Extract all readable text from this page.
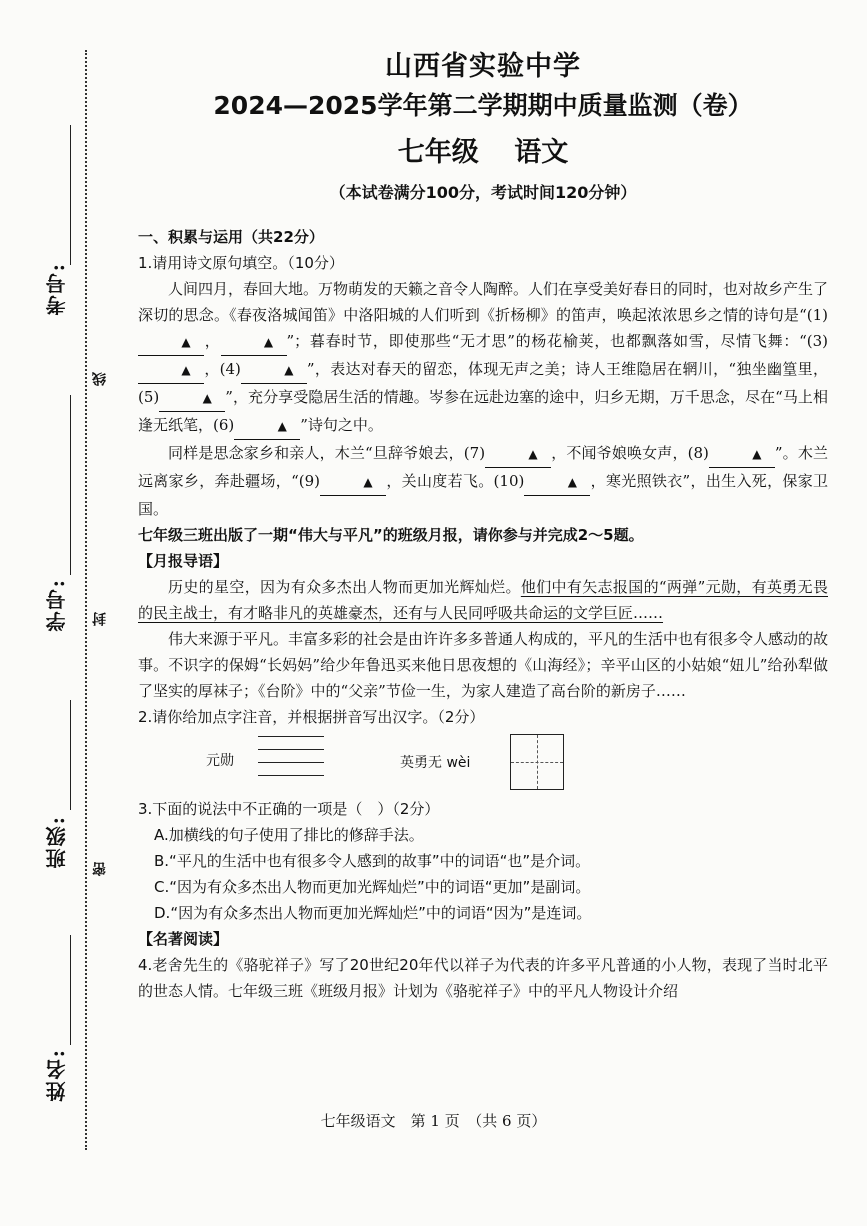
考号:
线
学号: 封
班级:
密
姓名:
山西省实验中学
2024—2025学年第二学期期中质量监测（卷）
七年级 语文
（本试卷满分100分，考试时间120分钟）
一、积累与运用（共22分）
1.请用诗文原句填空。（10分）
人间四月，春回大地。万物萌发的天籁之音令人陶醉。人们在享受美好春日的同时，也对故乡产生了深切的思念。《春夜洛城闻笛》中洛阳城的人们听到《折杨柳》的笛声，唤起浓浓思乡之情的诗句是“(1)▲ ，	▲ ”；暮春时节，即使那些“无才思”的杨花榆荚，也都飘落如雪，尽情飞舞：“(3)▲ ，(4)	▲ ”，表达对春天的留恋，体现无声之美；诗人王维隐居在辋川，“独坐幽篁里，(5)	▲ ”，充分享受隐居生活的情趣。岑参在远赴边塞的途中，归乡无期，万千思念，尽在“马上相逢无纸笔，(6)	▲ ”诗句之中。
同样是思念家乡和亲人，木兰“旦辞爷娘去，(7)	▲ ，不闻爷娘唤女声，(8)	▲ ”。木兰远离家乡，奔赴疆场，“(9)	▲ ，关山度若飞。(10)	▲ ，寒光照铁衣”，出生入死，保家卫国。
七年级三班出版了一期“伟大与平凡”的班级月报，请你参与并完成2～5题。
【月报导语】
历史的星空，因为有众多杰出人物而更加光辉灿烂。他们中有矢志报国的“两弹”元勋，有英勇无畏的民主战士，有才略非凡的英雄豪杰，还有与人民同呼吸共命运的文学巨匠……
伟大来源于平凡。丰富多彩的社会是由许许多多普通人构成的，平凡的生活中也有很多令人感动的故事。不识字的保姆“长妈妈”给少年鲁迅买来他日思夜想的《山海经》；辛平山区的小姑娘“妞儿”给孙犁做了坚实的厚袜子；《台阶》中的“父亲”节俭一生，为家人建造了高台阶的新房子……
2.请你给加点字注音，并根据拼音写出汉字。（2分）
元勋	英勇无 wèi
3.下面的说法中不正确的一项是（　）（2分）
A.加横线的句子使用了排比的修辞手法。
B.“平凡的生活中也有很多令人感到的故事”中的词语“也”是介词。
C.“因为有众多杰出人物而更加光辉灿烂”中的词语“更加”是副词。
D.“因为有众多杰出人物而更加光辉灿烂”中的词语“因为”是连词。
【名著阅读】
4.老舍先生的《骆驼祥子》写了20世纪20年代以祥子为代表的许多平凡普通的小人物，表现了当时北平的世态人情。七年级三班《班级月报》计划为《骆驼祥子》中的平凡人物设计介绍
七年级语文　第 1 页　（共 6 页）
